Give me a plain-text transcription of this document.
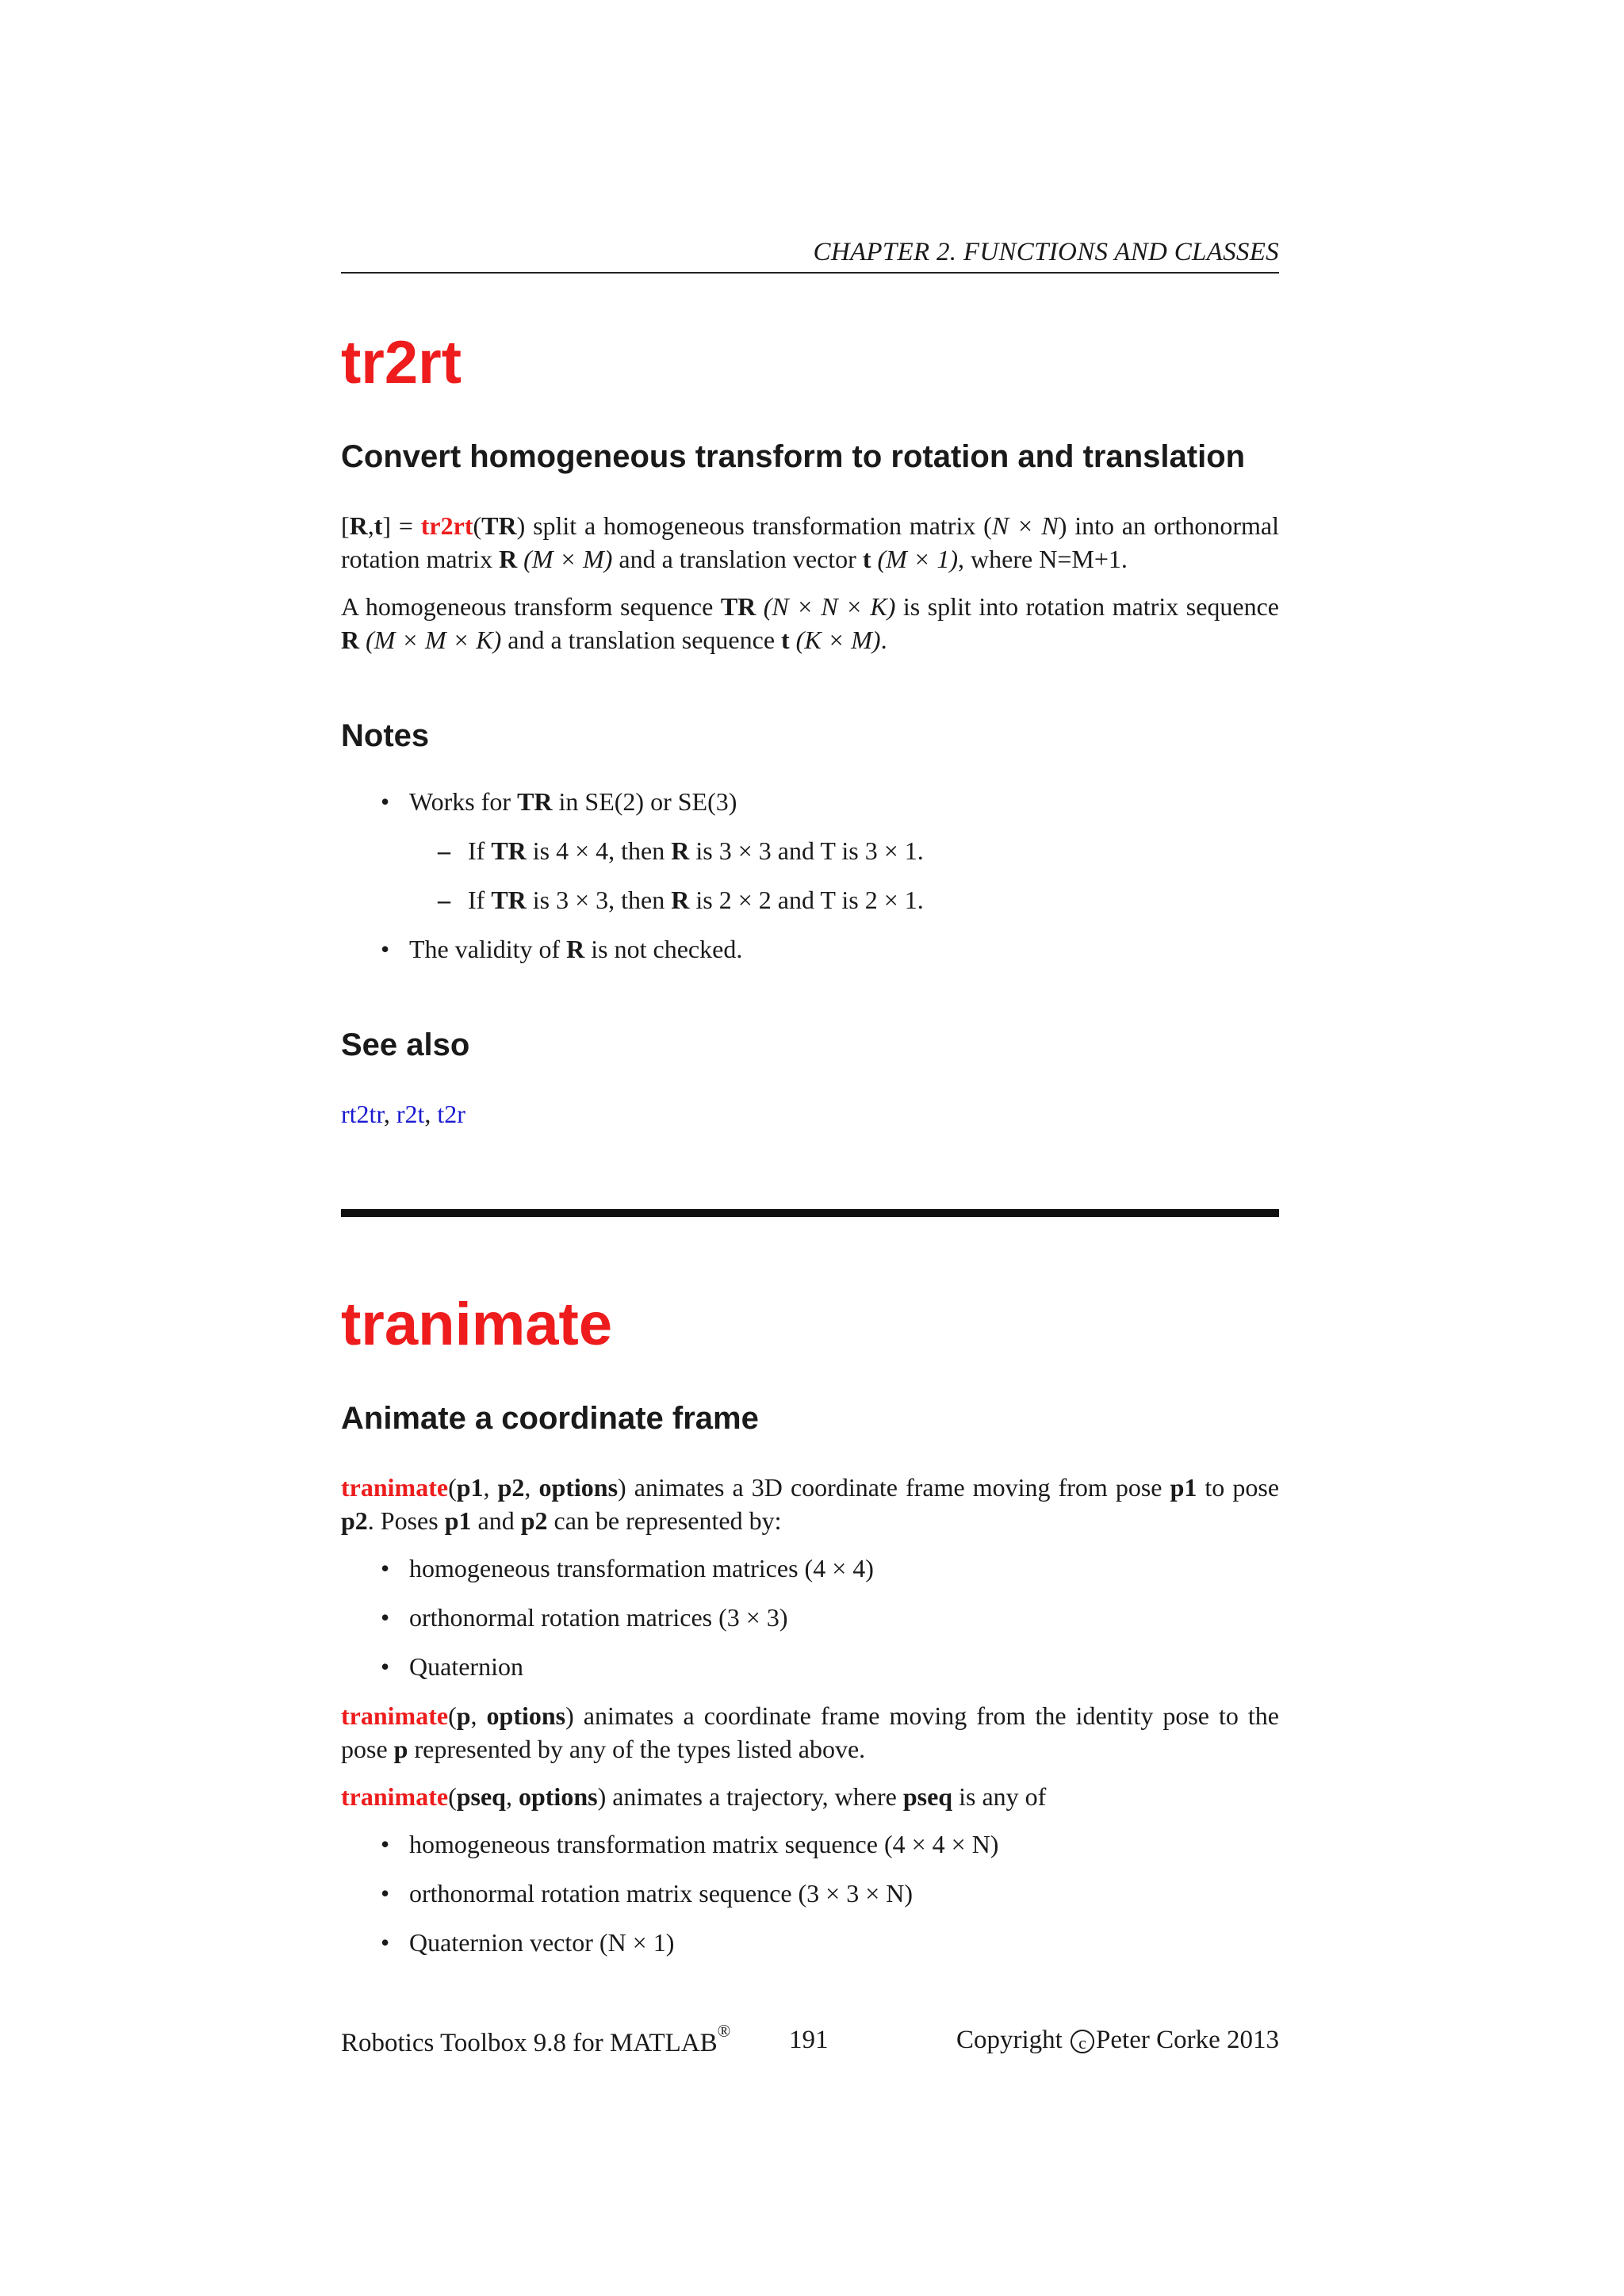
CHAPTER 2. FUNCTIONS AND CLASSES
tr2rt
Convert homogeneous transform to rotation and translation

[R,t] = tr2rt(TR) split a homogeneous transformation matrix (N × N) into an orthonormal rotation matrix R (M × M) and a translation vector t (M × 1), where N=M+1.

A homogeneous transform sequence TR (N × N × K) is split into rotation matrix sequence R (M × M × K) and a translation sequence t (K × M).

Notes
• Works for TR in SE(2) or SE(3)
– If TR is 4 × 4, then R is 3 × 3 and T is 3 × 1.
– If TR is 3 × 3, then R is 2 × 2 and T is 2 × 1.
• The validity of R is not checked.
See also

rt2tr, r2t, t2r

tranimate
Animate a coordinate frame

tranimate(p1, p2, options) animates a 3D coordinate frame moving from pose p1 to pose p2. Poses p1 and p2 can be represented by:

• homogeneous transformation matrices (4 × 4)
• orthonormal rotation matrices (3 × 3)
• Quaternion

tranimate(p, options) animates a coordinate frame moving from the identity pose to the pose p represented by any of the types listed above.

tranimate(pseq, options) animates a trajectory, where pseq is any of

• homogeneous transformation matrix sequence (4 × 4 × N)
• orthonormal rotation matrix sequence (3 × 3 × N)
• Quaternion vector (N × 1)
Robotics Toolbox 9.8 for MATLAB® 191	Copyright c Peter Corke 2013
